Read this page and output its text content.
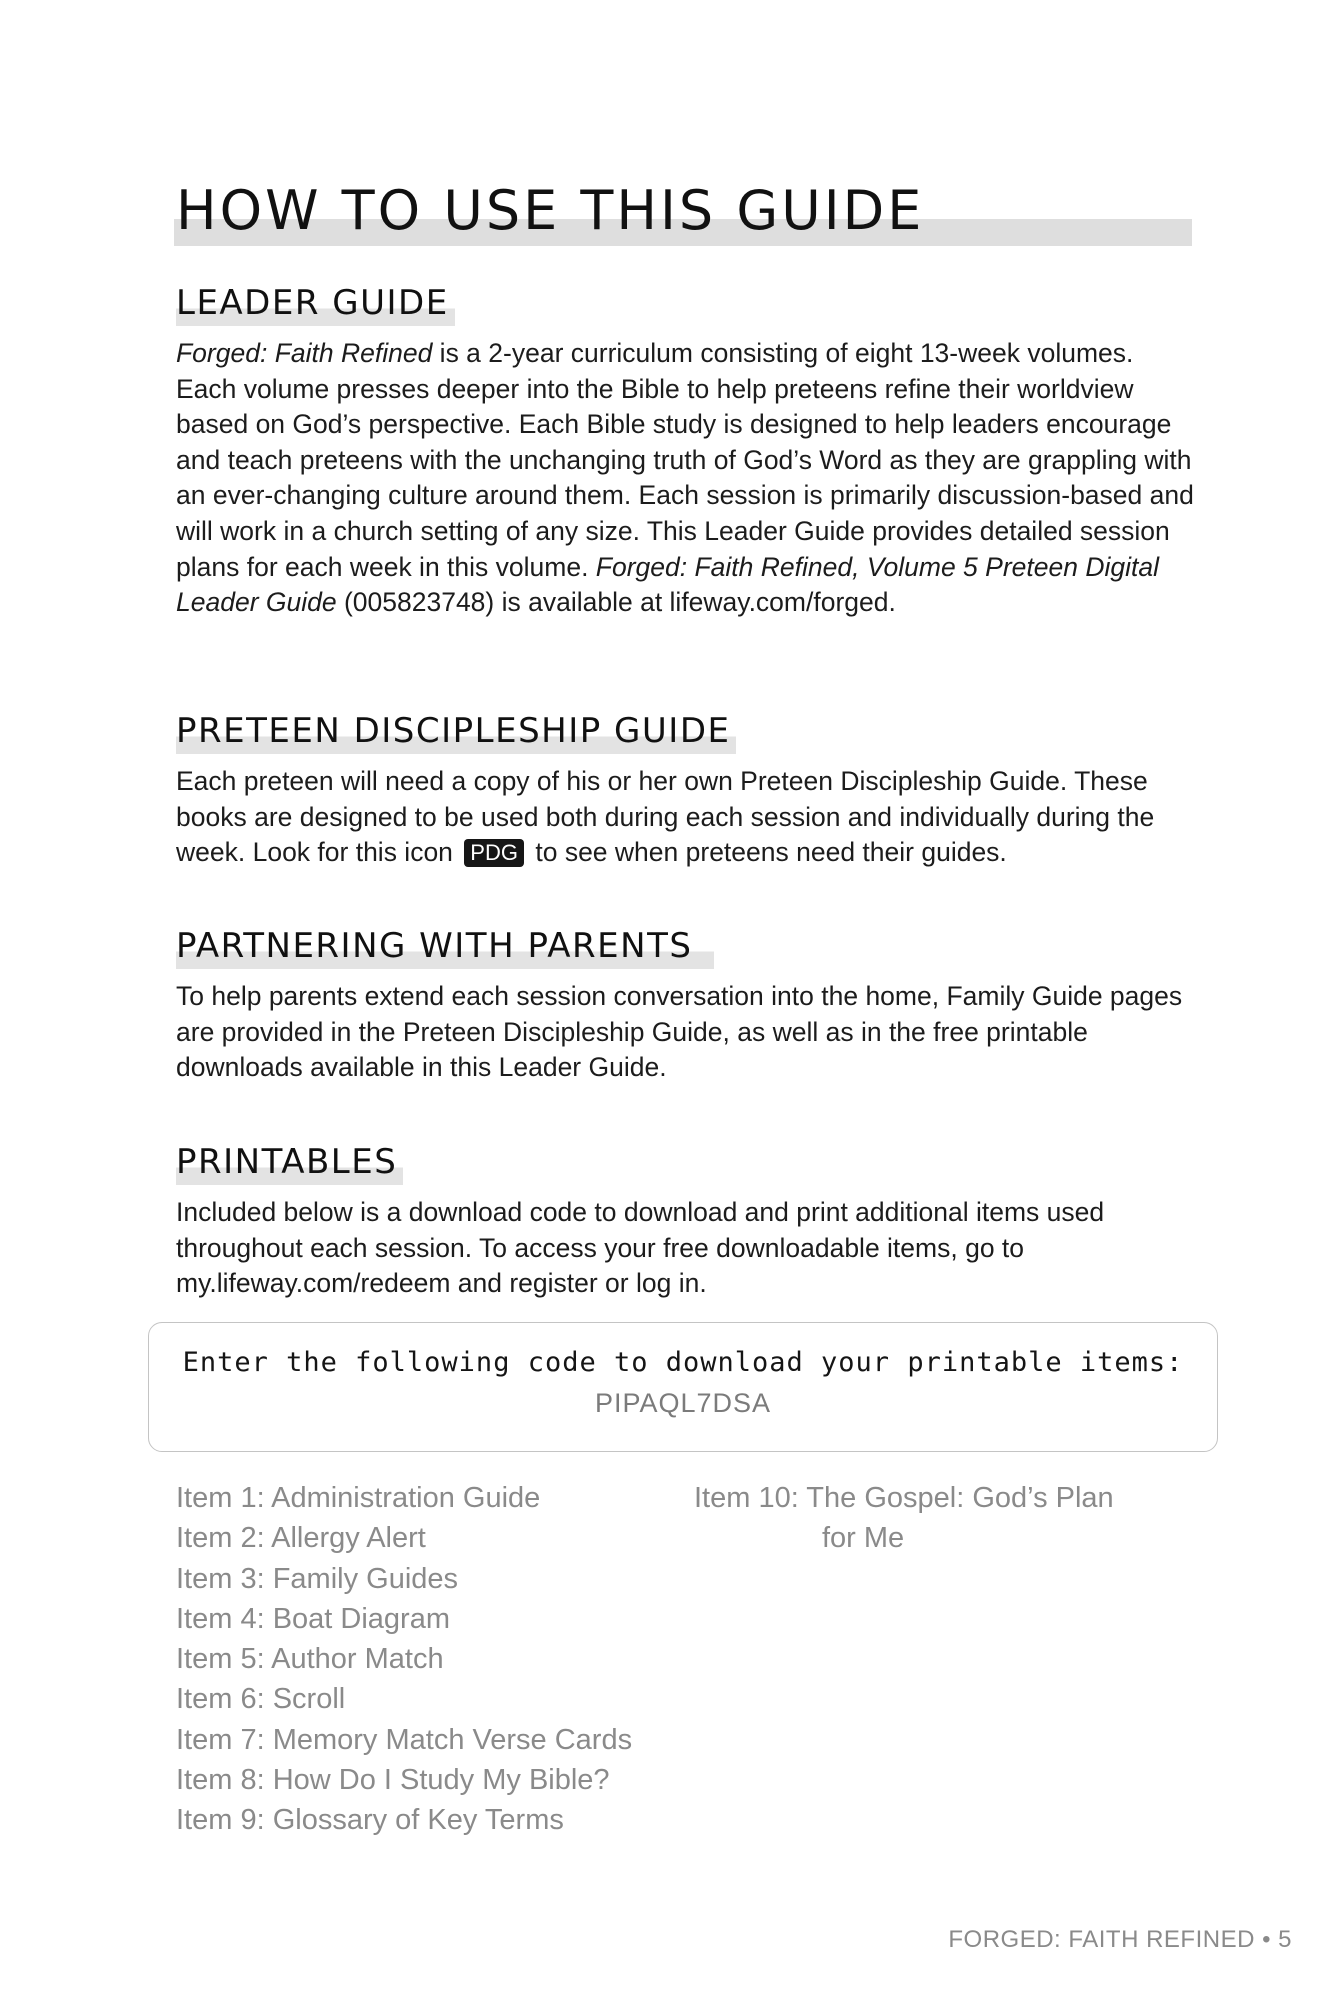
HOW TO USE THIS GUIDE
LEADER GUIDE

Forged: Faith Refined is a 2-year curriculum consisting of eight 13-week volumes. Each volume presses deeper into the Bible to help preteens refine their worldview based on God’s perspective. Each Bible study is designed to help leaders encourage and teach preteens with the unchanging truth of God’s Word as they are grappling with an ever-changing culture around them. Each session is primarily discussion-based and will work in a church setting of any size. This Leader Guide provides detailed session plans for each week in this volume. Forged: Faith Refined, Volume 5 Preteen Digital Leader Guide (005823748) is available at lifeway.com/forged.

PRETEEN DISCIPLESHIP GUIDE

Each preteen will need a copy of his or her own Preteen Discipleship Guide. These books are designed to be used both during each session and individually during the week. Look for this icon PDG to see when preteens need their guides.

PARTNERING WITH PARENTS

To help parents extend each session conversation into the home, Family Guide pages are provided in the Preteen Discipleship Guide, as well as in the free printable downloads available in this Leader Guide.

PRINTABLES

Included below is a download code to download and print additional items used throughout each session. To access your free downloadable items, go to my.lifeway.com/redeem and register or log in.

Enter the following code to download your printable items:
PIPAQL7DSA
Item 1: Administration Guide
Item 2: Allergy Alert
Item 3: Family Guides
Item 4: Boat Diagram
Item 5: Author Match
Item 6: Scroll
Item 7: Memory Match Verse Cards
Item 8: How Do I Study My Bible?
Item 9: Glossary of Key Terms
Item 10: The Gospel: God’s Plan
for Me
FORGED: FAITH REFINED • 5
